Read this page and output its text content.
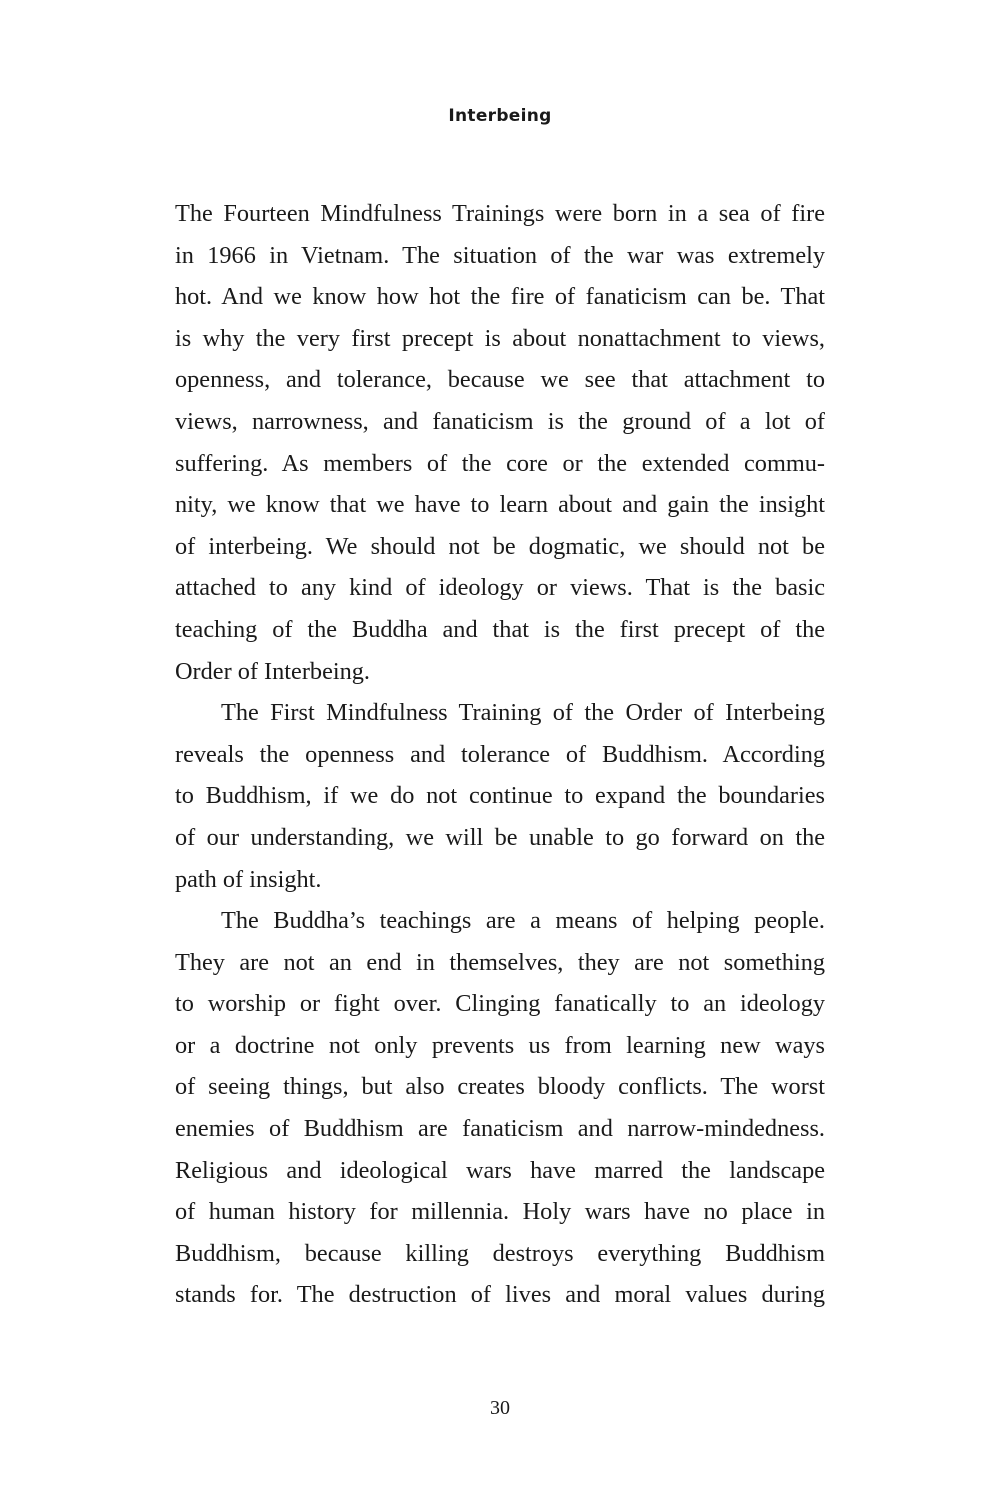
Interbeing
The Fourteen Mindfulness Trainings were born in a sea of fire
in 1966 in Vietnam. The situation of the war was extremely
hot. And we know how hot the fire of fanaticism can be. That
is why the very first precept is about nonattachment to views,
openness, and tolerance, because we see that attachment to
views, narrowness, and fanaticism is the ground of a lot of
suffering. As members of the core or the extended commu-
nity, we know that we have to learn about and gain the insight
of interbeing. We should not be dogmatic, we should not be
attached to any kind of ideology or views. That is the basic
teaching of the Buddha and that is the first precept of the
Order of Interbeing.
The First Mindfulness Training of the Order of Interbeing
reveals the openness and tolerance of Buddhism. According
to Buddhism, if we do not continue to expand the boundaries
of our understanding, we will be unable to go forward on the
path of insight.
The Buddha’s teachings are a means of helping people.
They are not an end in themselves, they are not something
to worship or fight over. Clinging fanatically to an ideology
or a doctrine not only prevents us from learning new ways
of seeing things, but also creates bloody conflicts. The worst
enemies of Buddhism are fanaticism and narrow-mindedness.
Religious and ideological wars have marred the landscape
of human history for millennia. Holy wars have no place in
Buddhism, because killing destroys everything Buddhism
stands for. The destruction of lives and moral values during
30
